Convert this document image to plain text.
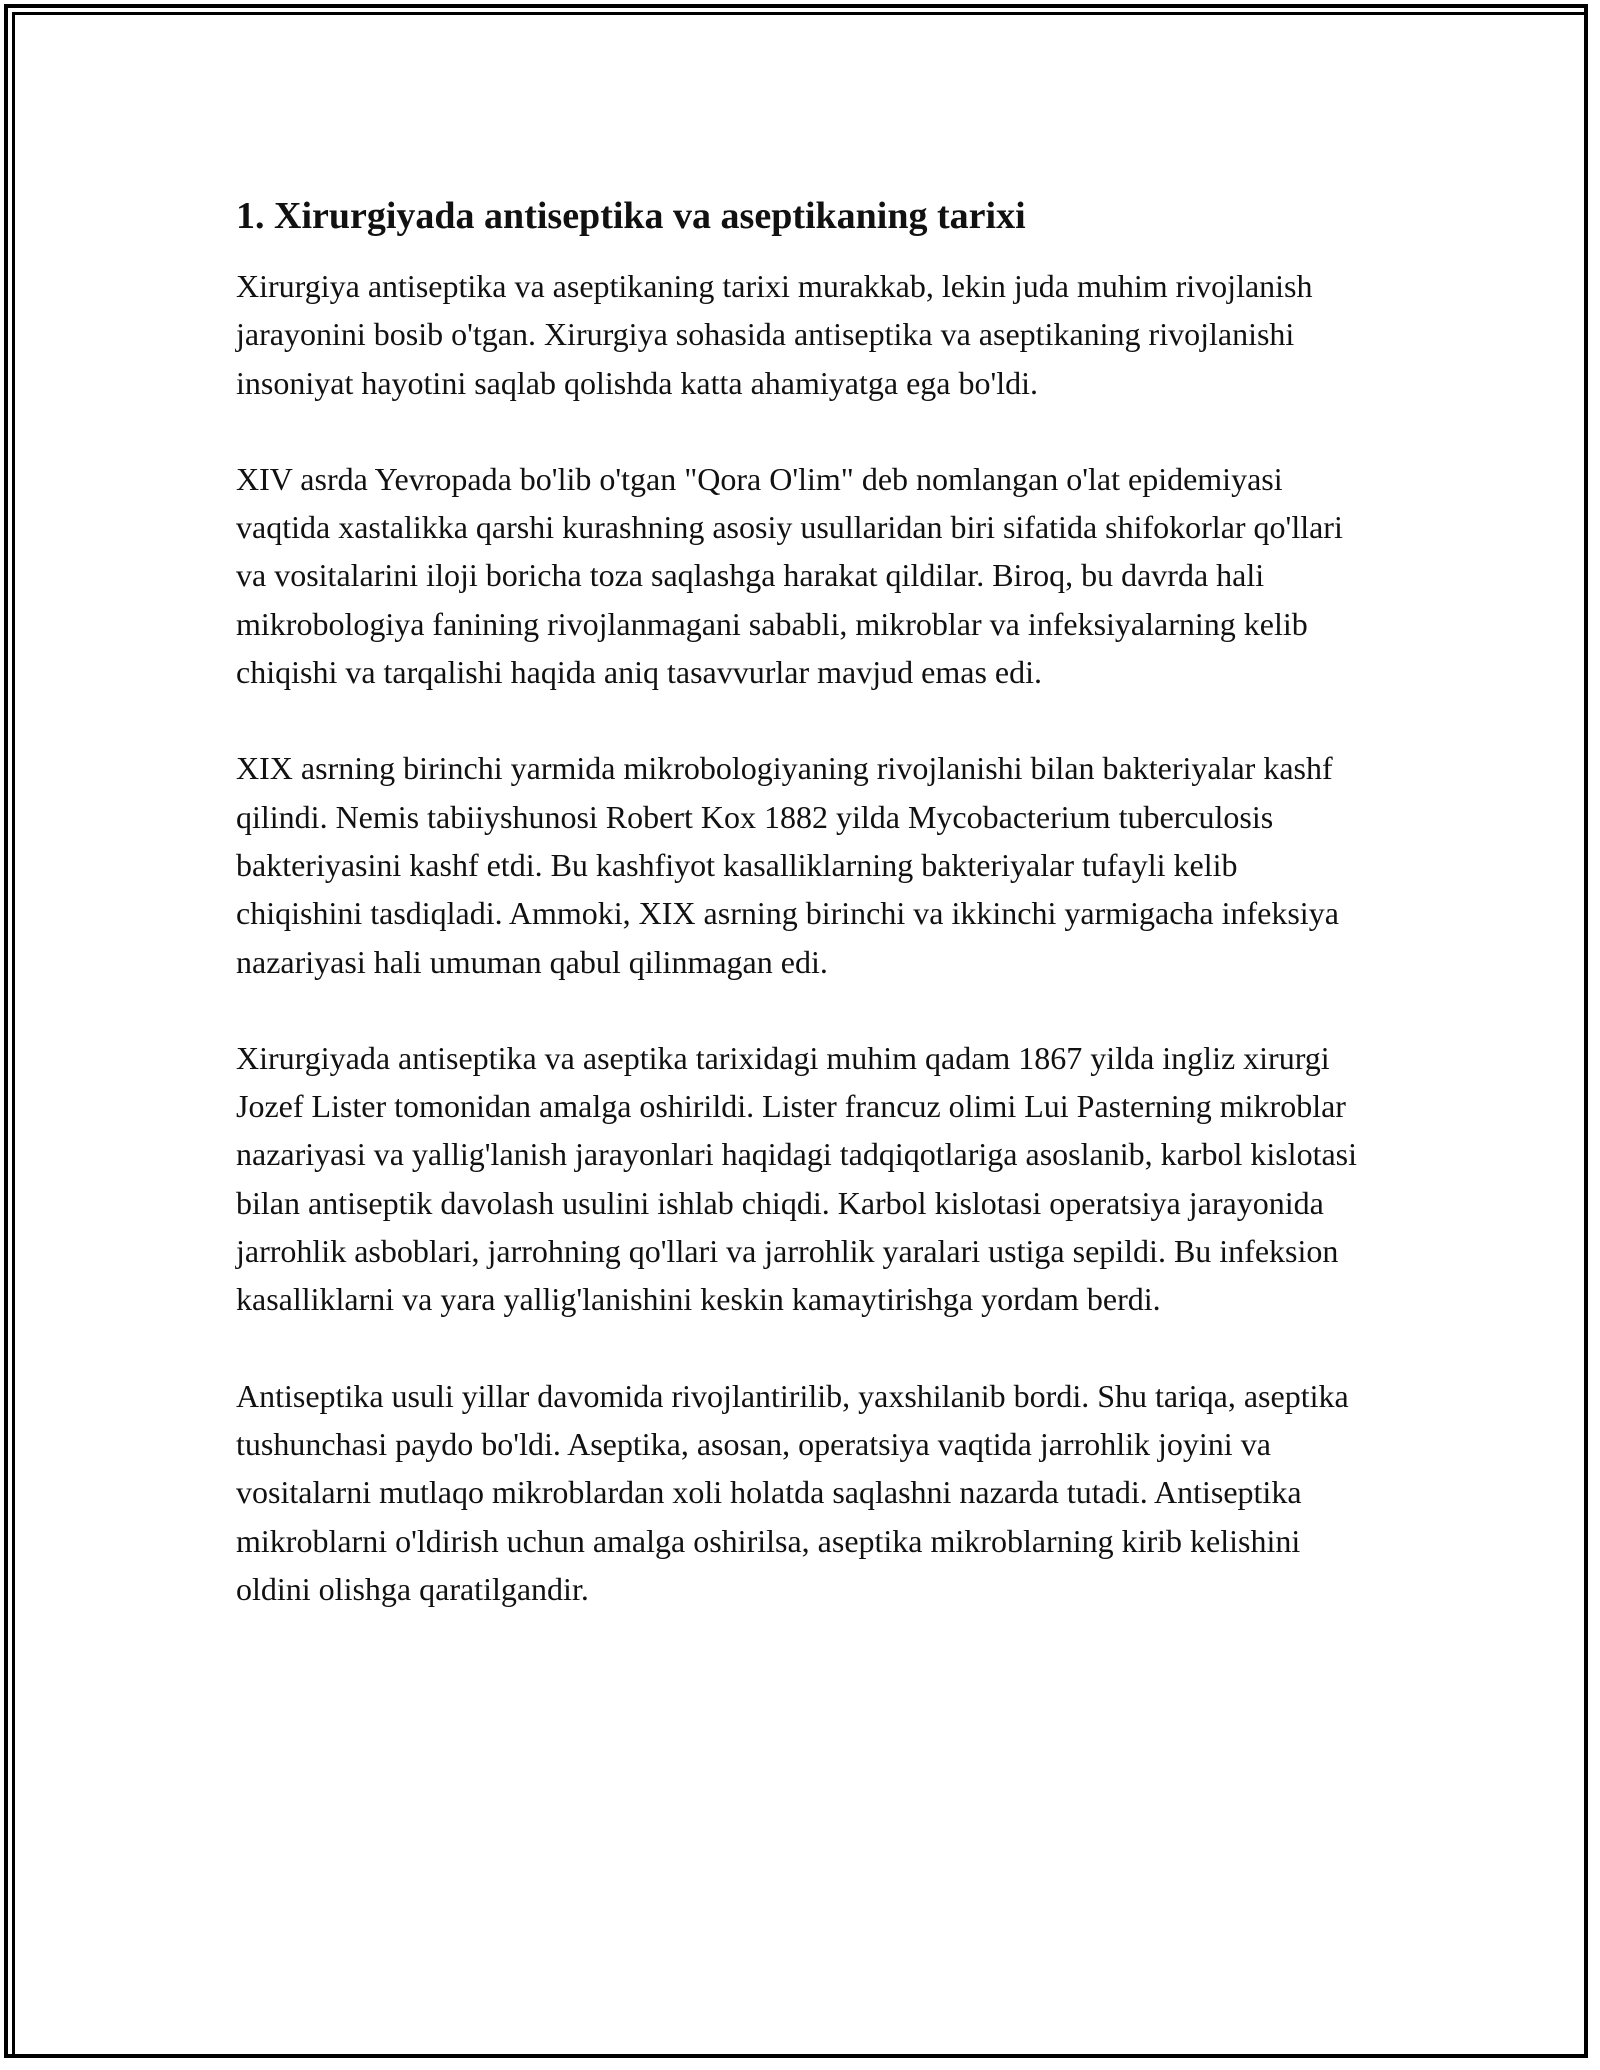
1. Xirurgiyada antiseptika va aseptikaning tarixi

Xirurgiya antiseptika va aseptikaning tarixi murakkab, lekin juda muhim rivojlanish jarayonini bosib o'tgan. Xirurgiya sohasida antiseptika va aseptikaning rivojlanishi insoniyat hayotini saqlab qolishda katta ahamiyatga ega bo'ldi.

XIV asrda Yevropada bo'lib o'tgan "Qora O'lim" deb nomlangan o'lat epidemiyasi vaqtida xastalikka qarshi kurashning asosiy usullaridan biri sifatida shifokorlar qo'llari va vositalarini iloji boricha toza saqlashga harakat qildilar. Biroq, bu davrda hali mikrobologiya fanining rivojlanmagani sababli, mikroblar va infeksiyalarning kelib chiqishi va tarqalishi haqida aniq tasavvurlar mavjud emas edi.

XIX asrning birinchi yarmida mikrobologiyaning rivojlanishi bilan bakteriyalar kashf qilindi. Nemis tabiiyshunosi Robert Kox 1882 yilda Mycobacterium tuberculosis bakteriyasini kashf etdi. Bu kashfiyot kasalliklarning bakteriyalar tufayli kelib chiqishini tasdiqladi. Ammoki, XIX asrning birinchi va ikkinchi yarmigacha infeksiya nazariyasi hali umuman qabul qilinmagan edi.

Xirurgiyada antiseptika va aseptika tarixidagi muhim qadam 1867 yilda ingliz xirurgi Jozef Lister tomonidan amalga oshirildi. Lister francuz olimi Lui Pasterning mikroblar nazariyasi va yallig'lanish jarayonlari haqidagi tadqiqotlariga asoslanib, karbol kislotasi bilan antiseptik davolash usulini ishlab chiqdi. Karbol kislotasi operatsiya jarayonida jarrohlik asboblari, jarrohning qo'llari va jarrohlik yaralari ustiga sepildi. Bu infeksion kasalliklarni va yara yallig'lanishini keskin kamaytirishga yordam berdi.

Antiseptika usuli yillar davomida rivojlantirilib, yaxshilanib bordi. Shu tariqa, aseptika tushunchasi paydo bo'ldi. Aseptika, asosan, operatsiya vaqtida jarrohlik joyini va vositalarni mutlaqo mikroblardan xoli holatda saqlashni nazarda tutadi. Antiseptika mikroblarni o'ldirish uchun amalga oshirilsa, aseptika mikroblarning kirib kelishini oldini olishga qaratilgandir.
